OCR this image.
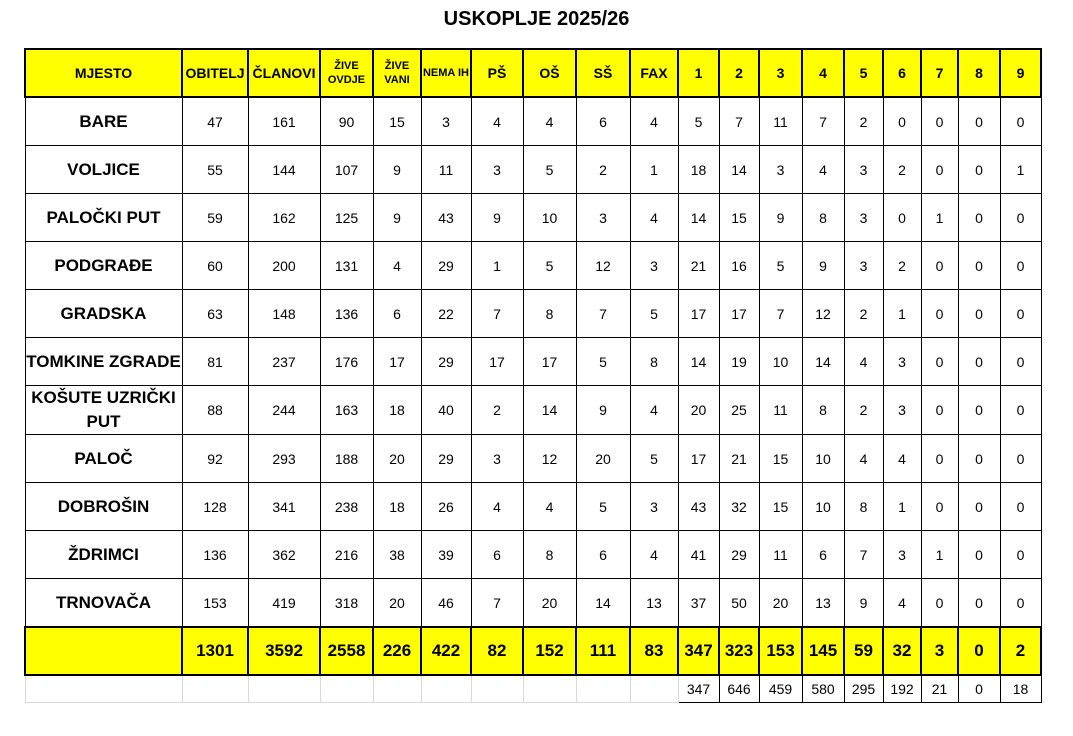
USKOPLJE 2025/26
MJESTO	OBITELJ	ČLANOVI	ŽIVE OVDJE	ŽIVE VANI	NEMA IH	PŠ	OŠ	SŠ	FAX	1	2	3	4	5	6	7	8	9
BARE	47	161	90	15	3	4	4	6	4	5	7	11	7	2	0	0	0	0
VOLJICE	55	144	107	9	11	3	5	2	1	18	14	3	4	3	2	0	0	1
PALOČKI PUT	59	162	125	9	43	9	10	3	4	14	15	9	8	3	0	1	0	0
PODGRAĐE	60	200	131	4	29	1	5	12	3	21	16	5	9	3	2	0	0	0
GRADSKA	63	148	136	6	22	7	8	7	5	17	17	7	12	2	1	0	0	0
TOMKINE ZGRADE	81	237	176	17	29	17	17	5	8	14	19	10	14	4	3	0	0	0
KOŠUTE UZRIČKI PUT	88	244	163	18	40	2	14	9	4	20	25	11	8	2	3	0	0	0
PALOČ	92	293	188	20	29	3	12	20	5	17	21	15	10	4	4	0	0	0
DOBROŠIN	128	341	238	18	26	4	4	5	3	43	32	15	10	8	1	0	0	0
ŽDRIMCI	136	362	216	38	39	6	8	6	4	41	29	11	6	7	3	1	0	0
TRNOVAČA	153	419	318	20	46	7	20	14	13	37	50	20	13	9	4	0	0	0
	1301	3592	2558	226	422	82	152	111	83	347	323	153	145	59	32	3	0	2
										347	646	459	580	295	192	21	0	18
